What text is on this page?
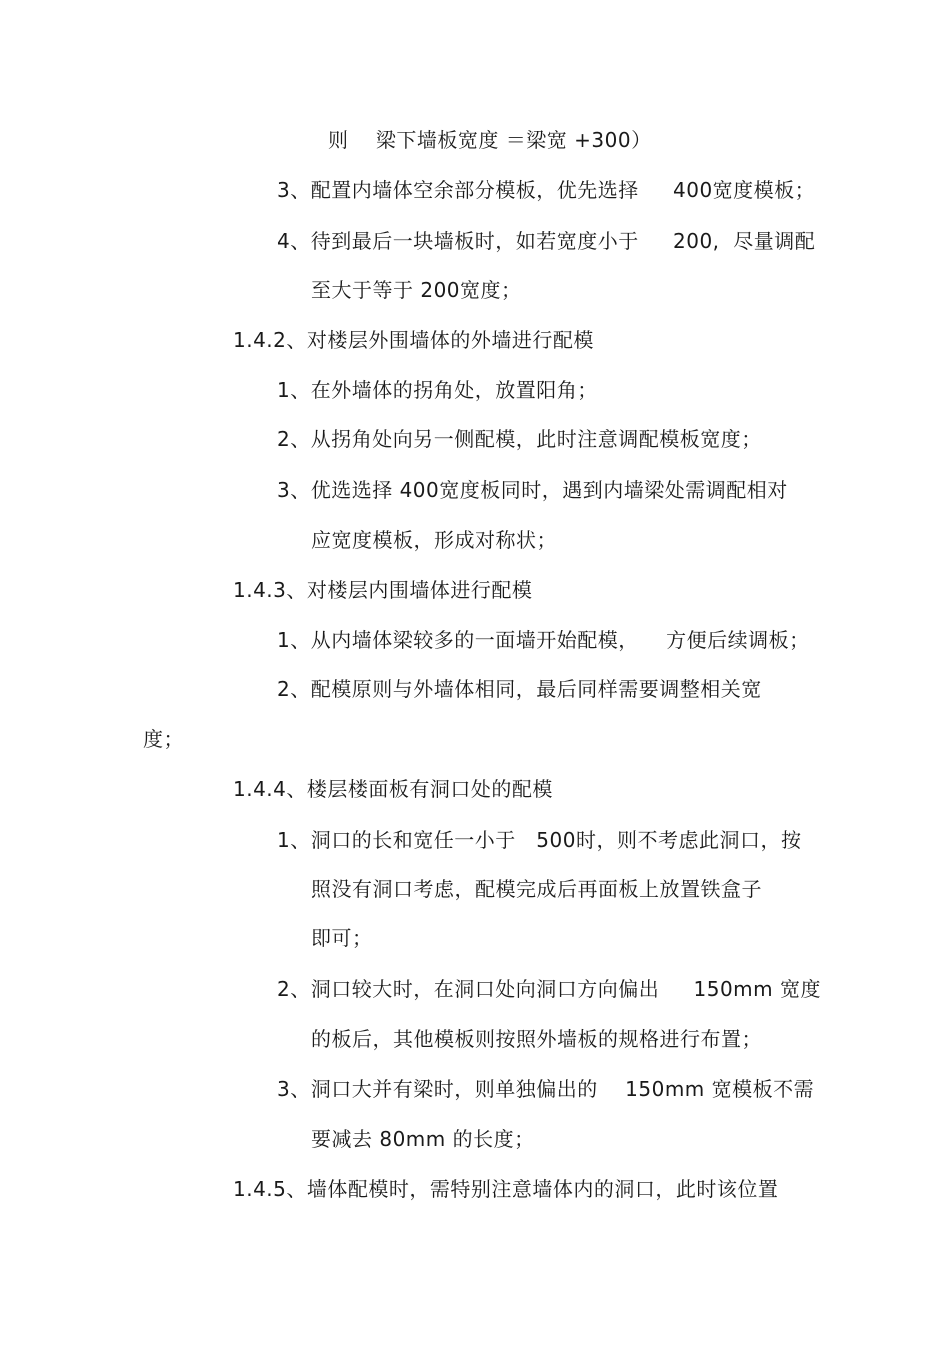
则    梁下墙板宽度 ＝梁宽 +300）
3、配置内墙体空余部分模板，优先选择     400宽度模板；
4、待到最后一块墙板时，如若宽度小于     200,  尽量调配
至大于等于 200宽度；
1.4.2、对楼层外围墙体的外墙进行配模
1、在外墙体的拐角处，放置阳角；
2、从拐角处向另一侧配模，此时注意调配模板宽度；
3、优选选择 400宽度板同时，遇到内墙梁处需调配相对
应宽度模板，形成对称状；
1.4.3、对楼层内围墙体进行配模
1、从内墙体梁较多的一面墙开始配模，    方便后续调板；
2、配模原则与外墙体相同，最后同样需要调整相关宽
度；
1.4.4、楼层楼面板有洞口处的配模
1、洞口的长和宽任一小于   500时，则不考虑此洞口，按
照没有洞口考虑，配模完成后再面板上放置铁盒子
即可；
2、洞口较大时，在洞口处向洞口方向偏出     150mm 宽度
的板后，其他模板则按照外墙板的规格进行布置；
3、洞口大并有梁时，则单独偏出的    150mm 宽模板不需
要减去 80mm 的长度；
1.4.5、墙体配模时，需特别注意墙体内的洞口，此时该位置
